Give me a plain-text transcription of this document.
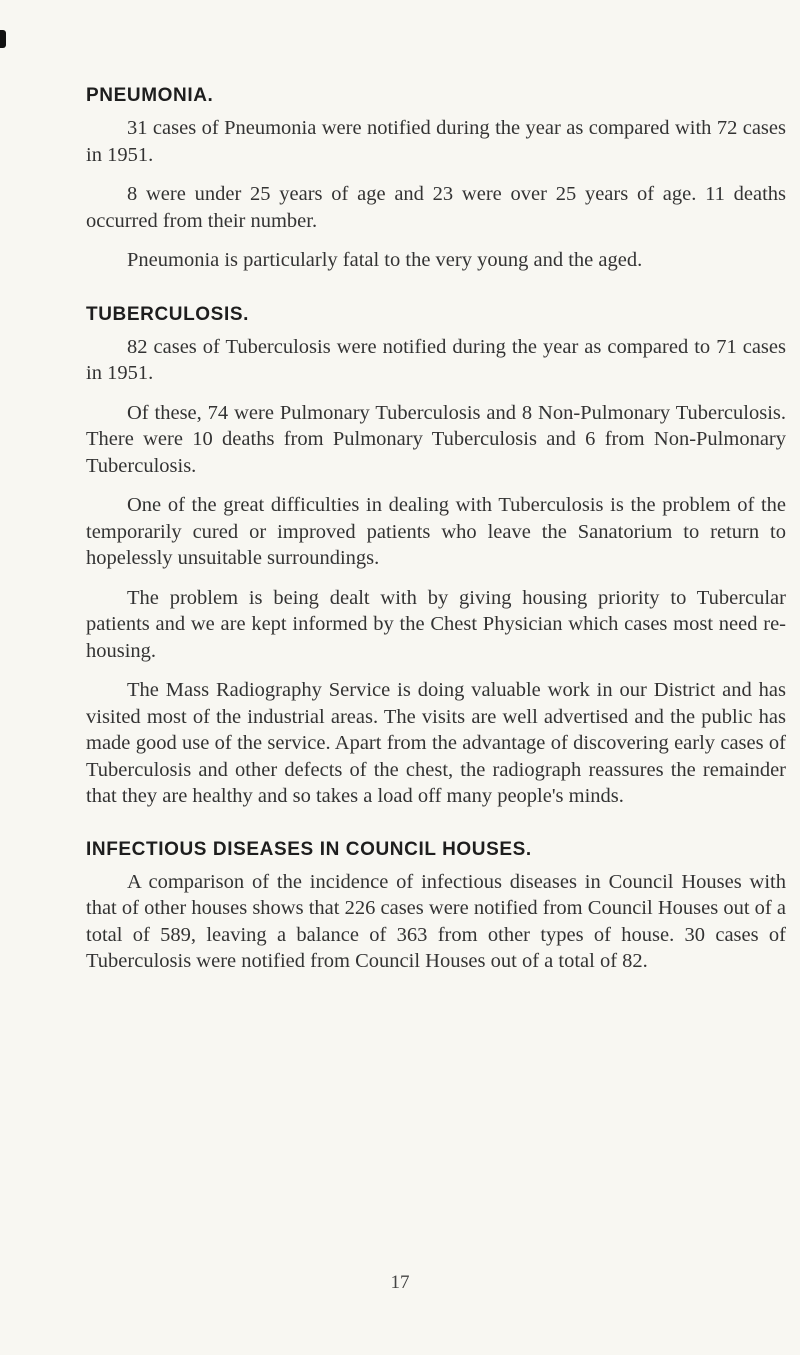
PNEUMONIA.

31 cases of Pneumonia were notified during the year as compared with 72 cases in 1951.

8 were under 25 years of age and 23 were over 25 years of age. 11 deaths occurred from their number.

Pneumonia is particularly fatal to the very young and the aged.

TUBERCULOSIS.

82 cases of Tuberculosis were notified during the year as compared to 71 cases in 1951.

Of these, 74 were Pulmonary Tuberculosis and 8 Non-Pulmonary Tuberculosis. There were 10 deaths from Pulmonary Tuberculosis and 6 from Non-Pulmonary Tuberculosis.

One of the great difficulties in dealing with Tuberculosis is the problem of the temporarily cured or improved patients who leave the Sanatorium to return to hopelessly unsuitable surroundings.

The problem is being dealt with by giving housing priority to Tubercular patients and we are kept informed by the Chest Physician which cases most need re-housing.

The Mass Radiography Service is doing valuable work in our District and has visited most of the industrial areas. The visits are well advertised and the public has made good use of the service. Apart from the advantage of discovering early cases of Tuberculosis and other defects of the chest, the radiograph reassures the remainder that they are healthy and so takes a load off many people's minds.

INFECTIOUS DISEASES IN COUNCIL HOUSES.

A comparison of the incidence of infectious diseases in Council Houses with that of other houses shows that 226 cases were notified from Council Houses out of a total of 589, leaving a balance of 363 from other types of house. 30 cases of Tuberculosis were notified from Council Houses out of a total of 82.

17
